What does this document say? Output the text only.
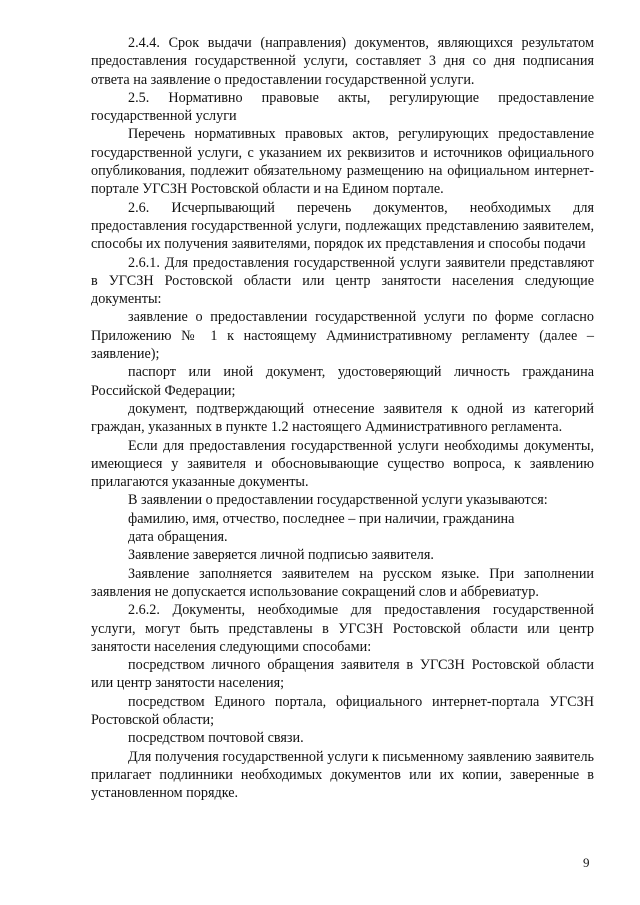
2.4.4. Срок выдачи (направления) документов, являющихся результатом предоставления государственной услуги, составляет 3 дня со дня подписания ответа на заявление о предоставлении государственной услуги.

2.5. Нормативно правовые акты, регулирующие предоставление государственной услуги

Перечень нормативных правовых актов, регулирующих предоставление государственной услуги, с указанием их реквизитов и источников официального опубликования, подлежит обязательному размещению на официальном интернет-портале УГСЗН Ростовской области и на Едином портале.

2.6. Исчерпывающий перечень документов, необходимых для предоставления государственной услуги, подлежащих представлению заявителем, способы их получения заявителями, порядок их представления и способы подачи

2.6.1. Для предоставления государственной услуги заявители представляют в УГСЗН Ростовской области или центр занятости населения следующие документы:

заявление о предоставлении государственной услуги по форме согласно Приложению № 1 к настоящему Административному регламенту (далее – заявление);

паспорт или иной документ, удостоверяющий личность гражданина Российской Федерации;

документ, подтверждающий отнесение заявителя к одной из категорий граждан, указанных в пункте 1.2 настоящего Административного регламента.

Если для предоставления государственной услуги необходимы документы, имеющиеся у заявителя и обосновывающие существо вопроса, к заявлению прилагаются указанные документы.

В заявлении о предоставлении государственной услуги указываются:

фамилию, имя, отчество, последнее – при наличии, гражданина

дата обращения.

Заявление заверяется личной подписью заявителя.

Заявление заполняется заявителем на русском языке. При заполнении заявления не допускается использование сокращений слов и аббревиатур.

2.6.2. Документы, необходимые для предоставления государственной услуги, могут быть представлены в УГСЗН Ростовской области или центр занятости населения следующими способами:

посредством личного обращения заявителя в УГСЗН Ростовской области или центр занятости населения;

посредством Единого портала, официального интернет-портала УГСЗН Ростовской области;

посредством почтовой связи.

Для получения государственной услуги к письменному заявлению заявитель прилагает подлинники необходимых документов или их копии, заверенные в установленном порядке.

9
